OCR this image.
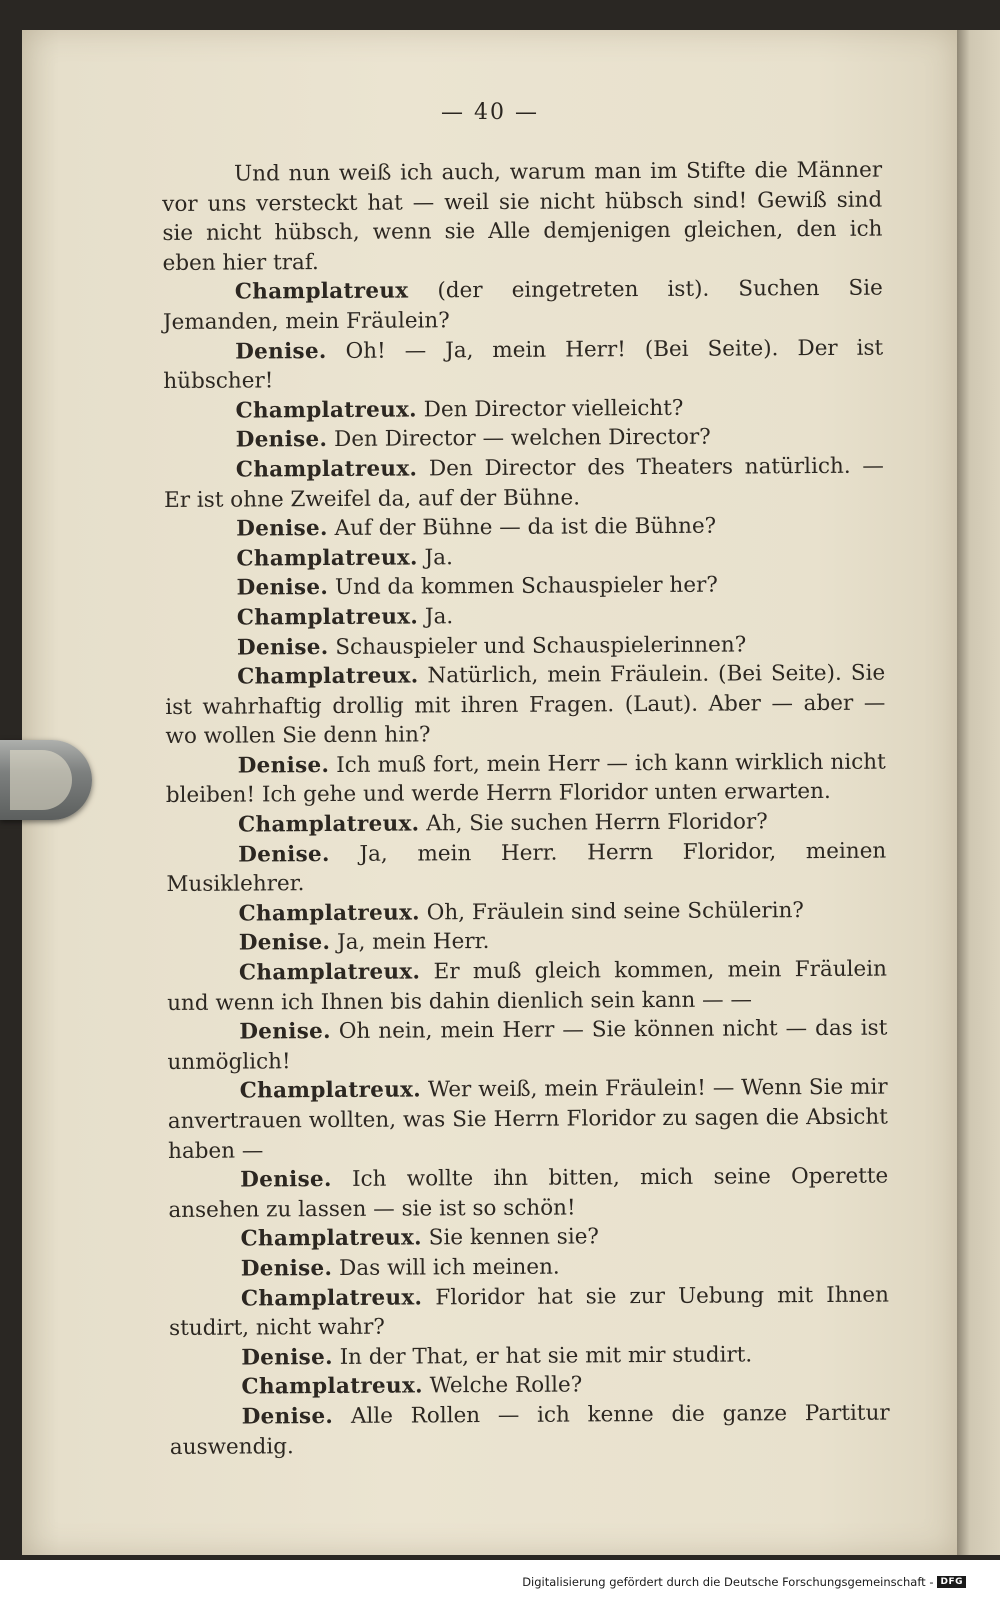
— 40 —

Und nun weiß ich auch, warum man im Stifte die Männer vor uns versteckt hat — weil sie nicht hübsch sind! Gewiß sind sie nicht hübsch, wenn sie Alle demjenigen gleichen, den ich eben hier traf.

Champlatreux (der eingetreten ist). Suchen Sie Jemanden, mein Fräulein?

Denise. Oh! — Ja, mein Herr! (Bei Seite). Der ist hübscher!

Champlatreux. Den Director vielleicht?

Denise. Den Director — welchen Director?

Champlatreux. Den Director des Theaters natürlich. — Er ist ohne Zweifel da, auf der Bühne.

Denise. Auf der Bühne — da ist die Bühne?

Champlatreux. Ja.

Denise. Und da kommen Schauspieler her?

Champlatreux. Ja.

Denise. Schauspieler und Schauspielerinnen?

Champlatreux. Natürlich, mein Fräulein. (Bei Seite). Sie ist wahrhaftig drollig mit ihren Fragen. (Laut). Aber — aber — wo wollen Sie denn hin?

Denise. Ich muß fort, mein Herr — ich kann wirklich nicht bleiben! Ich gehe und werde Herrn Floridor unten erwarten.

Champlatreux. Ah, Sie suchen Herrn Floridor?

Denise. Ja, mein Herr. Herrn Floridor, meinen Musiklehrer.

Champlatreux. Oh, Fräulein sind seine Schülerin?

Denise. Ja, mein Herr.

Champlatreux. Er muß gleich kommen, mein Fräulein und wenn ich Ihnen bis dahin dienlich sein kann — —

Denise. Oh nein, mein Herr — Sie können nicht — das ist unmöglich!

Champlatreux. Wer weiß, mein Fräulein! — Wenn Sie mir anvertrauen wollten, was Sie Herrn Floridor zu sagen die Absicht haben —

Denise. Ich wollte ihn bitten, mich seine Operette ansehen zu lassen — sie ist so schön!

Champlatreux. Sie kennen sie?

Denise. Das will ich meinen.

Champlatreux. Floridor hat sie zur Uebung mit Ihnen studirt, nicht wahr?

Denise. In der That, er hat sie mit mir studirt.

Champlatreux. Welche Rolle?

Denise. Alle Rollen — ich kenne die ganze Partitur auswendig.

Digitalisierung gefördert durch die Deutsche Forschungsgemeinschaft - DFG
